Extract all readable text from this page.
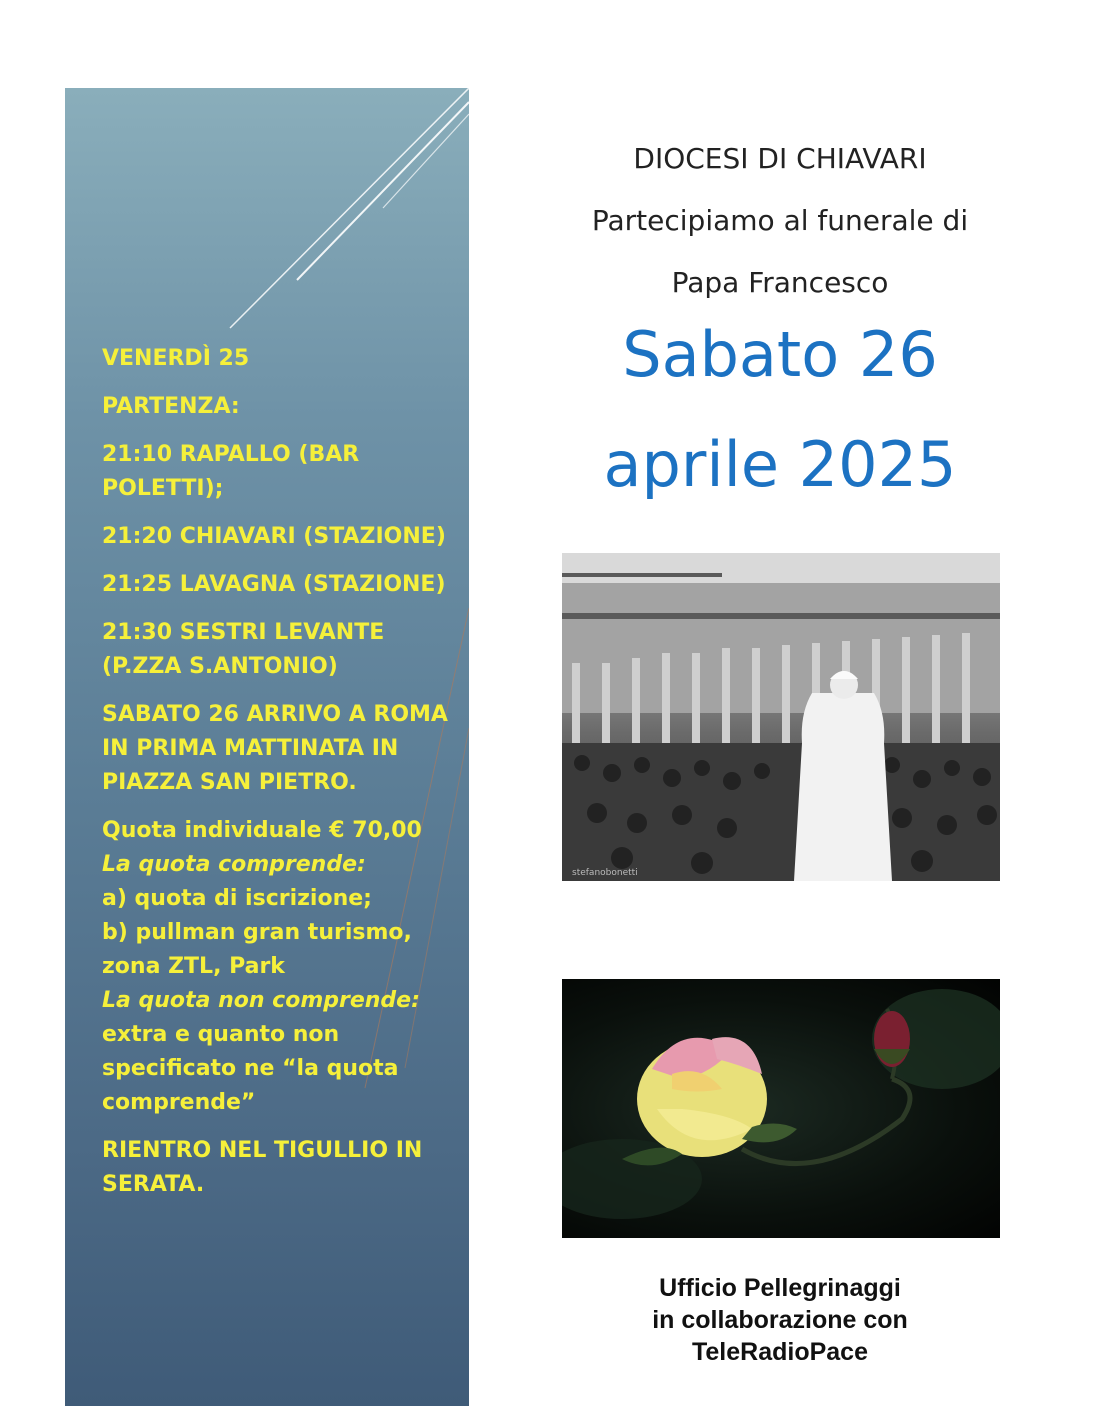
VENERDÌ 25

PARTENZA:

21:10 RAPALLO (BAR POLETTI);

21:20 CHIAVARI (STAZIONE)

21:25 LAVAGNA (STAZIONE)

21:30 SESTRI LEVANTE (P.ZZA S.ANTONIO)

SABATO 26 ARRIVO A ROMA IN PRIMA MATTINATA IN PIAZZA SAN PIETRO.

Quota individuale € 70,00
La quota comprende:
a) quota di iscrizione;
b) pullman gran turismo, zona ZTL, Park
La quota non comprende:
extra e quanto non specificato ne “la quota comprende”

RIENTRO NEL TIGULLIO IN SERATA.

DIOCESI DI CHIAVARI
Partecipiamo al funerale di
Papa Francesco
Sabato 26
aprile 2025
stefanobonetti
Ufficio Pellegrinaggi
in collaborazione con
TeleRadioPace
